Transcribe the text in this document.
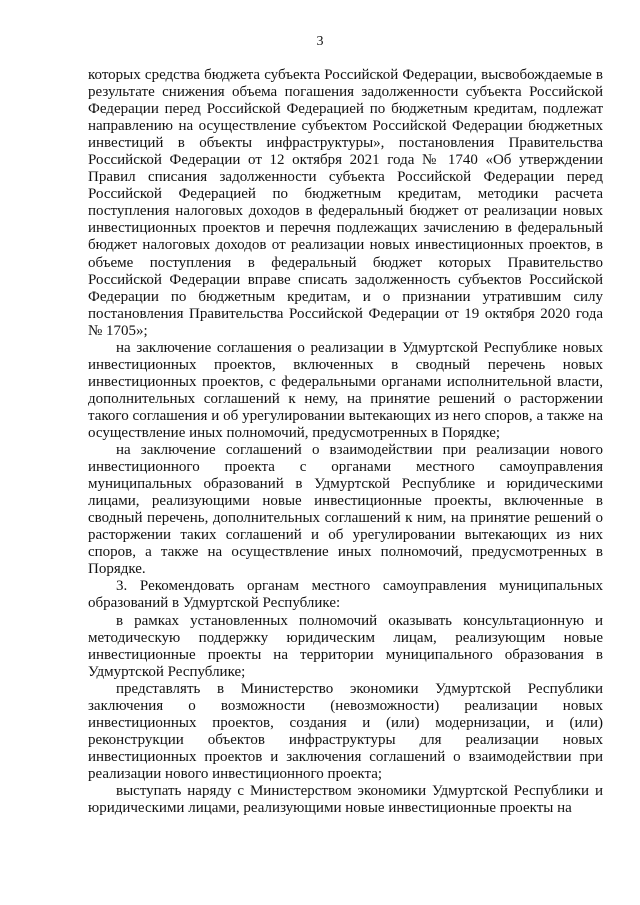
3

которых средства бюджета субъекта Российской Федерации, высвобождаемые в результате снижения объема погашения задолженности субъекта Российской Федерации перед Российской Федерацией по бюджетным кредитам, подлежат направлению на осуществление субъектом Российской Федерации бюджетных инвестиций в объекты инфраструктуры», постановления Правительства Российской Федерации от 12 октября 2021 года № 1740 «Об утверждении Правил списания задолженности субъекта Российской Федерации перед Российской Федерацией по бюджетным кредитам, методики расчета поступления налоговых доходов в федеральный бюджет от реализации новых инвестиционных проектов и перечня подлежащих зачислению в федеральный бюджет налоговых доходов от реализации новых инвестиционных проектов, в объеме поступления в федеральный бюджет которых Правительство Российской Федерации вправе списать задолженность субъектов Российской Федерации по бюджетным кредитам, и о признании утратившим силу постановления Правительства Российской Федерации от 19 октября 2020 года № 1705»;

на заключение соглашения о реализации в Удмуртской Республике новых инвестиционных проектов, включенных в сводный перечень новых инвестиционных проектов, с федеральными органами исполнительной власти, дополнительных соглашений к нему, на принятие решений о расторжении такого соглашения и об урегулировании вытекающих из него споров, а также на осуществление иных полномочий, предусмотренных в Порядке;

на заключение соглашений о взаимодействии при реализации нового инвестиционного проекта с органами местного самоуправления муниципальных образований в Удмуртской Республике и юридическими лицами, реализующими новые инвестиционные проекты, включенные в сводный перечень, дополнительных соглашений к ним, на принятие решений о расторжении таких соглашений и об урегулировании вытекающих из них споров, а также на осуществление иных полномочий, предусмотренных в Порядке.

3. Рекомендовать органам местного самоуправления муниципальных образований в Удмуртской Республике:

в рамках установленных полномочий оказывать консультационную и методическую поддержку юридическим лицам, реализующим новые инвестиционные проекты на территории муниципального образования в Удмуртской Республике;

представлять в Министерство экономики Удмуртской Республики заключения о возможности (невозможности) реализации новых инвестиционных проектов, создания и (или) модернизации, и (или) реконструкции объектов инфраструктуры для реализации новых инвестиционных проектов и заключения соглашений о взаимодействии при реализации нового инвестиционного проекта;

выступать наряду с Министерством экономики Удмуртской Республики и юридическими лицами, реализующими новые инвестиционные проекты на
